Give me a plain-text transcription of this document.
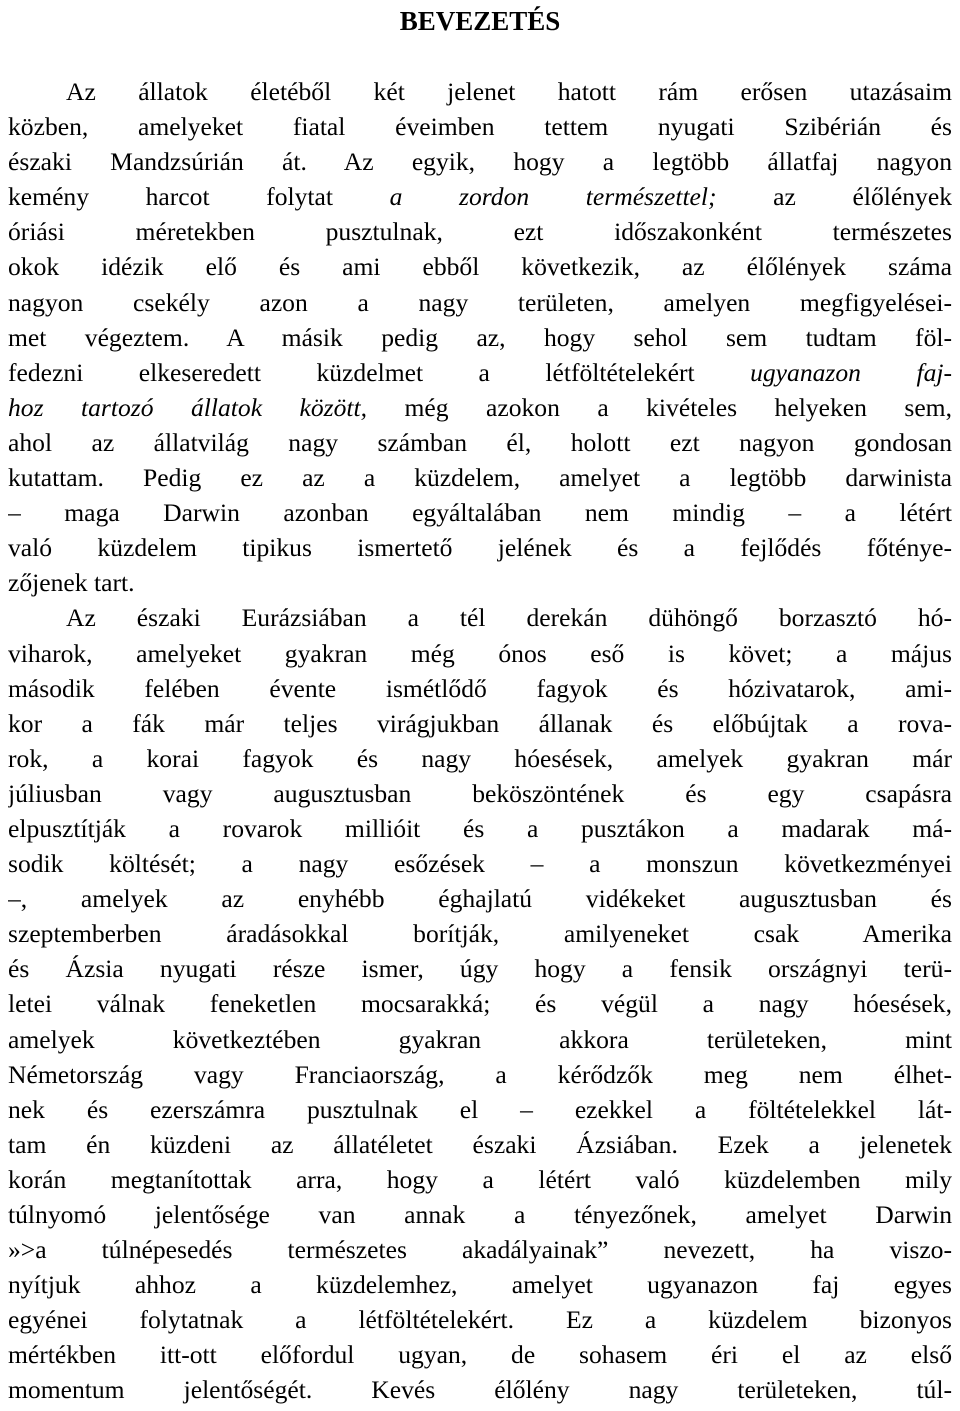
BEVEZETÉS
Az állatok életéből két jelenet hatott rám erősen utazásaim
közben, amelyeket fiatal éveimben tettem nyugati Szibérián és
északi Mandzsúrián át. Az egyik, hogy a legtöbb állatfaj nagyon
kemény harcot folytat a zordon természettel; az élőlények
óriási méretekben pusztulnak, ezt időszakonként természetes
okok idézik elő és ami ebből következik, az élőlények száma
nagyon csekély azon a nagy területen, amelyen megfigyelései-
met végeztem. A másik pedig az, hogy sehol sem tudtam föl-
fedezni elkeseredett küzdelmet a létföltételekért ugyanazon faj-
hoz tartozó állatok között, még azokon a kivételes helyeken sem,
ahol az állatvilág nagy számban él, holott ezt nagyon gondosan
kutattam. Pedig ez az a küzdelem, amelyet a legtöbb darwinista
– maga Darwin azonban egyáltalában nem mindig – a létért
való küzdelem tipikus ismertető jelének és a fejlődés főténye-
zőjenek tart.
Az északi Eurázsiában a tél derekán dühöngő borzasztó hó-
viharok, amelyeket gyakran még ónos eső is követ; a május
második felében évente ismétlődő fagyok és hózivatarok, ami-
kor a fák már teljes virágjukban állanak és előbújtak a rova-
rok, a korai fagyok és nagy hóesések, amelyek gyakran már
júliusban vagy augusztusban beköszöntének és egy csapásra
elpusztítják a rovarok millióit és a pusztákon a madarak má-
sodik költését; a nagy esőzések – a monszun következményei
–, amelyek az enyhébb éghajlatú vidékeket augusztusban és
szeptemberben áradásokkal borítják, amilyeneket csak Amerika
és Ázsia nyugati része ismer, úgy hogy a fensik országnyi terü-
letei válnak feneketlen mocsarakká; és végül a nagy hóesések,
amelyek következtében gyakran akkora területeken, mint
Németország vagy Franciaország, a kérődzők meg nem élhet-
nek és ezerszámra pusztulnak el – ezekkel a föltételekkel lát-
tam én küzdeni az állatéletet északi Ázsiában. Ezek a jelenetek
korán megtanítottak arra, hogy a létért való küzdelemben mily
túlnyomó jelentősége van annak a tényezőnek, amelyet Darwin
»>a túlnépesedés természetes akadályainak” nevezett, ha viszo-
nyítjuk ahhoz a küzdelemhez, amelyet ugyanazon faj egyes
egyénei folytatnak a létföltételekért. Ez a küzdelem bizonyos
mértékben itt-ott előfordul ugyan, de sohasem éri el az első
momentum jelentőségét. Kevés élőlény nagy területeken, túl-
